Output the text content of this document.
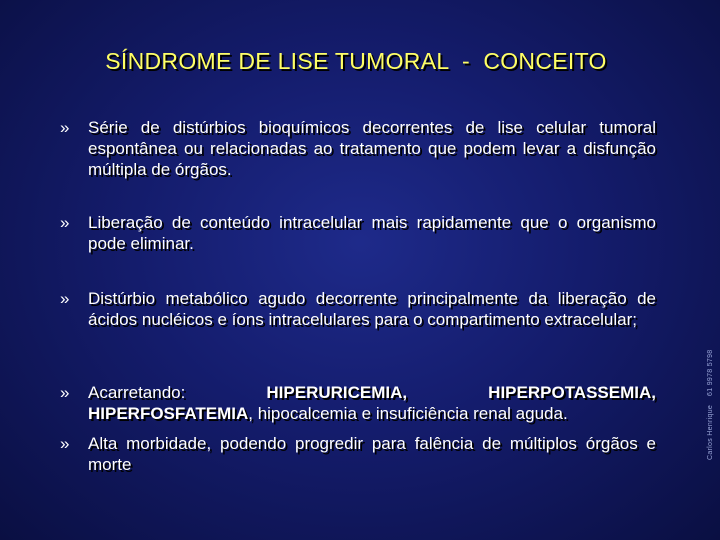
SÍNDROME DE LISE TUMORAL  -  CONCEITO
»	Série de distúrbios bioquímicos decorrentes de lise celular tumoral espontânea ou relacionadas ao tratamento que podem levar a disfunção múltipla de órgãos.
»	Liberação de conteúdo intracelular mais rapidamente que o organismo pode eliminar.
»	Distúrbio metabólico agudo decorrente principalmente da liberação de ácidos nucléicos e íons intracelulares para o compartimento extracelular;
»	Acarretando:	HIPERURICEMIA,	HIPERPOTASSEMIA,
HIPERFOSFATEMIA, hipocalcemia e insuficiência renal aguda.
»	Alta morbidade, podendo progredir para falência de múltiplos órgãos e morte
Carlos Henrique    61 9978 5798
